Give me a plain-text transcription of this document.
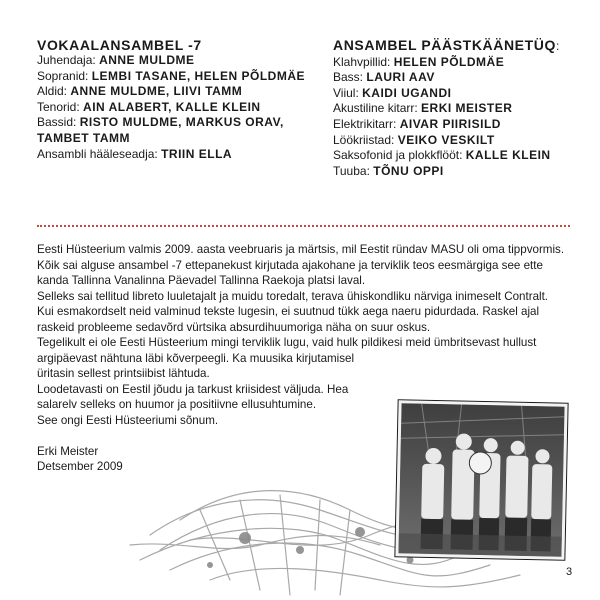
VOKAALANSAMBEL -7
Juhendaja: ANNE MULDME
Sopranid: LEMBI TASANE, HELEN PÕLDMÄE
Aldid: ANNE MULDME, LIIVI TAMM
Tenorid: AIN ALABERT, KALLE KLEIN
Bassid: RISTO MULDME, MARKUS ORAV,
TAMBET TAMM
Ansambli hääleseadja: TRIIN ELLA
ANSAMBEL PÄÄSTKÄÄNETÜQ:
Klahvpillid: HELEN PÕLDMÄE
Bass: LAURI AAV
Viiul: KAIDI UGANDI
Akustiline kitarr: ERKI MEISTER
Elektrikitarr: AIVAR PIIRISILD
Löökriistad: VEIKO VESKILT
Saksofonid ja plokkflööt: KALLE KLEIN
Tuuba: TÕNU OPPI

Eesti Hüsteerium valmis 2009. aasta veebruaris ja märtsis, mil Eestit ründav MASU oli oma tippvormis.

Kõik sai alguse ansambel -7 ettepanekust kirjutada ajakohane ja terviklik teos eesmärgiga see ette

kanda Tallinna Vanalinna Päevadel Tallinna Raekoja platsi laval.

Selleks sai tellitud libreto luuletajalt ja muidu toredalt, terava ühiskondliku närviga inimeselt Contralt.

Kui esmakordselt neid valminud tekste lugesin, ei suutnud tükk aega naeru pidurdada. Raskel ajal

raskeid probleeme sedavõrd vürtsika absurdihuumoriga näha on suur oskus.

Tegelikult ei ole Eesti Hüsteerium mingi terviklik lugu, vaid hulk pildikesi meid ümbritsevast hullust

argipäevast nähtuna läbi kõverpeegli. Ka muusika kirjutamisel

üritasin sellest printsiibist lähtuda.

Loodetavasti on Eestil jõudu ja tarkust kriisidest väljuda. Hea

salarelv selleks on huumor ja positiivne ellusuhtumine.

See ongi Eesti Hüsteeriumi sõnum.

Erki Meister

Detsember 2009

3
